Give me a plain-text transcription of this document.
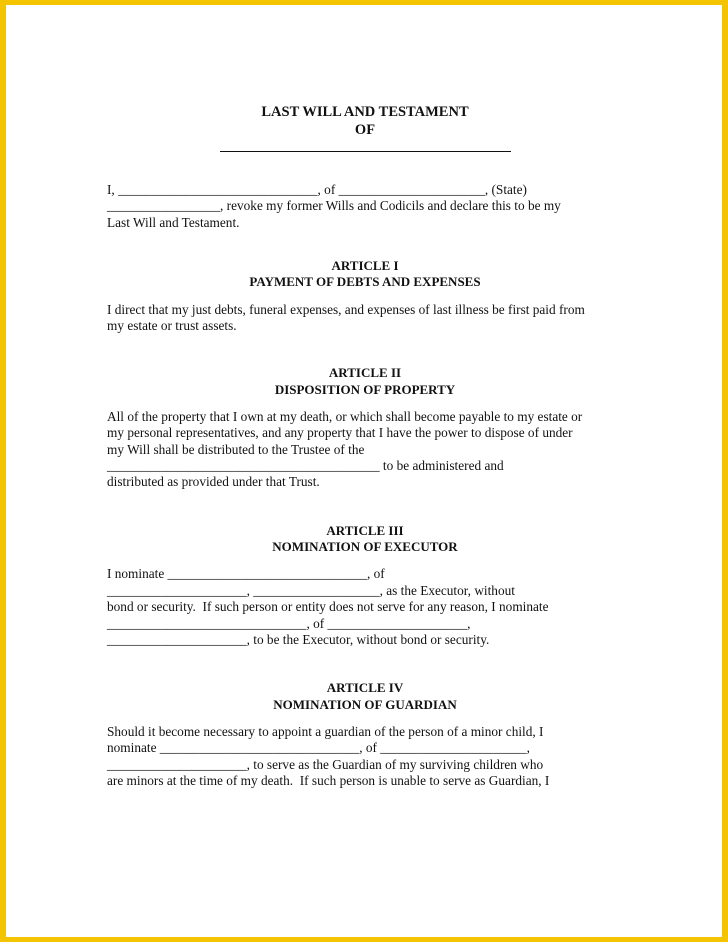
LAST WILL AND TESTAMENT
OF

I, ______________________________, of ______________________, (State)

_________________, revoke my former Wills and Codicils and declare this to be my

Last Will and Testament.

ARTICLE I
PAYMENT OF DEBTS AND EXPENSES

I direct that my just debts, funeral expenses, and expenses of last illness be first paid from

my estate or trust assets.

ARTICLE II
DISPOSITION OF PROPERTY

All of the property that I own at my death, or which shall become payable to my estate or

my personal representatives, and any property that I have the power to dispose of under

my Will shall be distributed to the Trustee of the

_________________________________________ to be administered and

distributed as provided under that Trust.

ARTICLE III
NOMINATION OF EXECUTOR

I nominate ______________________________, of

_____________________, ___________________, as the Executor, without

bond or security.  If such person or entity does not serve for any reason, I nominate

______________________________, of _____________________,

_____________________, to be the Executor, without bond or security.

ARTICLE IV
NOMINATION OF GUARDIAN

Should it become necessary to appoint a guardian of the person of a minor child, I

nominate ______________________________, of ______________________,

_____________________, to serve as the Guardian of my surviving children who

are minors at the time of my death.  If such person is unable to serve as Guardian, I
